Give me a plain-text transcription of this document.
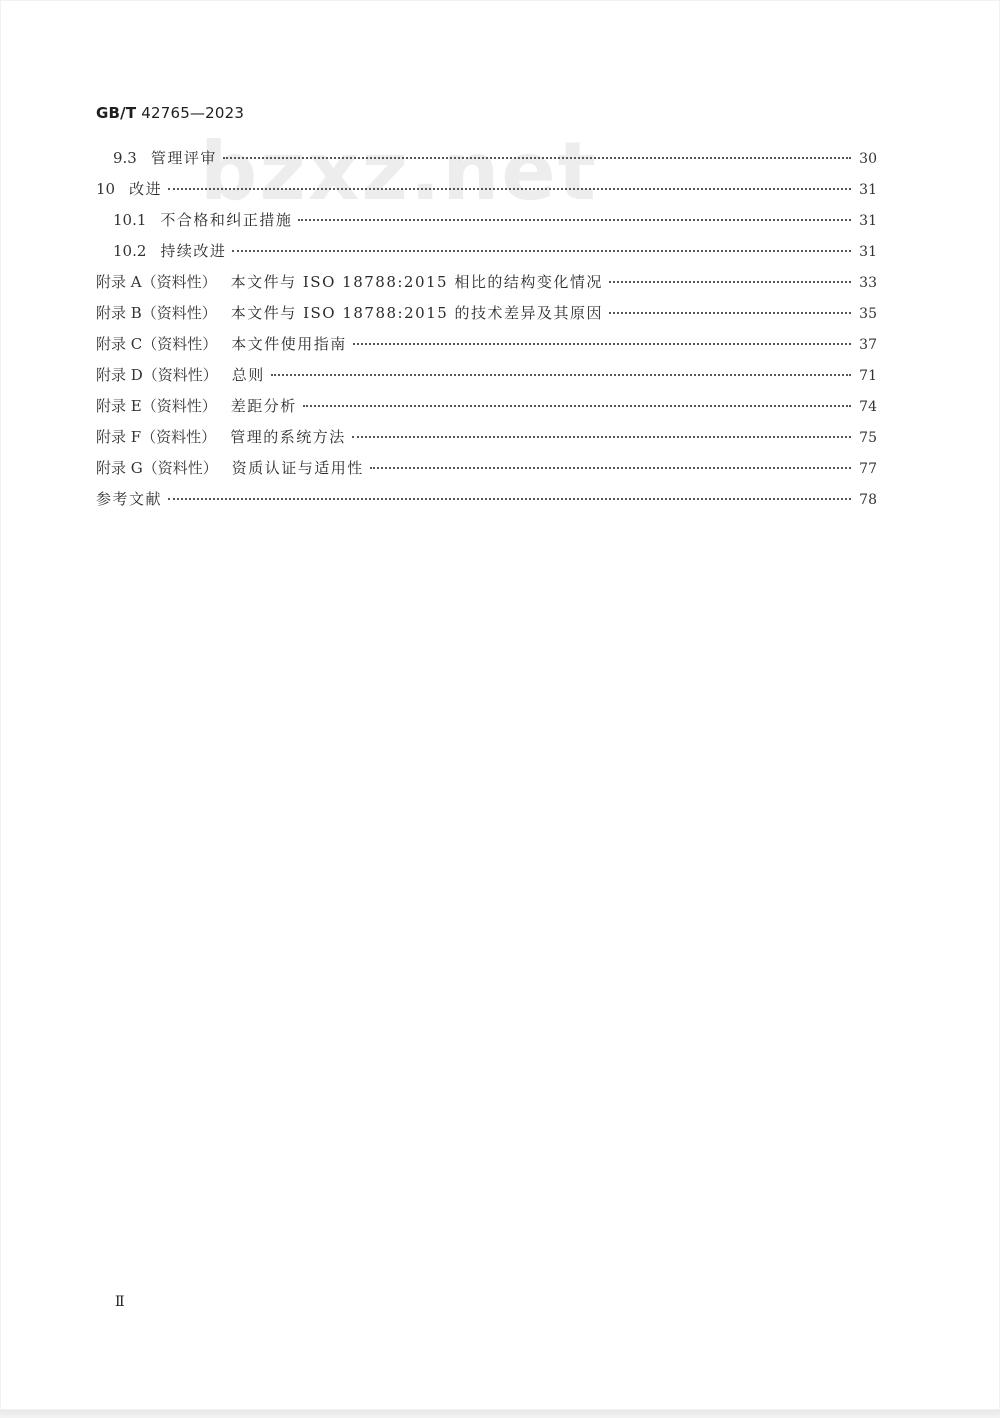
GB/T 42765—2023
bzxz.net
9.3 管理评审	30
10 改进	31
10.1 不合格和纠正措施	31
10.2 持续改进	31
附录 A（资料性） 本文件与 ISO 18788:2015 相比的结构变化情况	33
附录 B（资料性） 本文件与 ISO 18788:2015 的技术差异及其原因	35
附录 C（资料性） 本文件使用指南	37
附录 D（资料性） 总则	71
附录 E（资料性） 差距分析	74
附录 F（资料性） 管理的系统方法	75
附录 G（资料性） 资质认证与适用性	77
参考文献	78
Ⅱ
